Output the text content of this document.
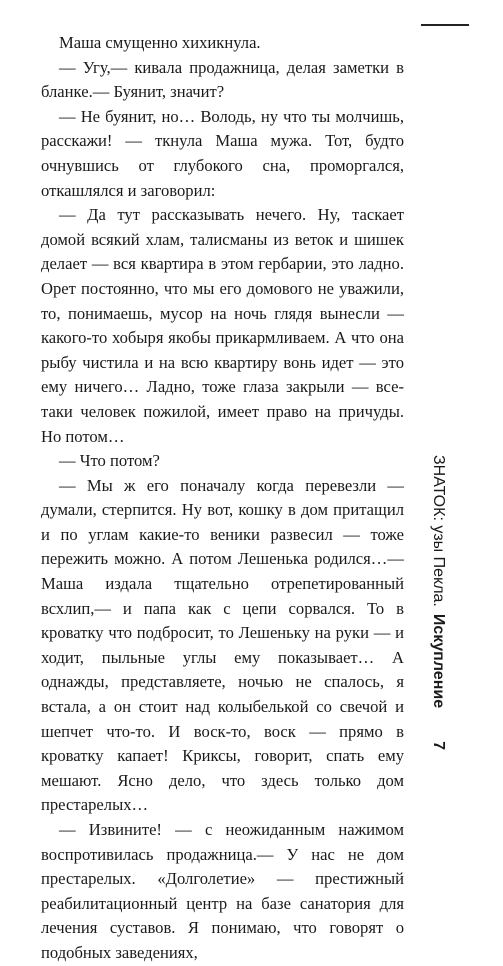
Маша смущенно хихикнула.

— Угу,— кивала продажница, делая заметки в бланке.— Буянит, значит?

— Не буянит, но… Володь, ну что ты молчишь, расскажи! — ткнула Маша мужа. Тот, будто очнувшись от глубокого сна, проморгался, откашлялся и заговорил:

— Да тут рассказывать нечего. Ну, таскает домой всякий хлам, талисманы из веток и шишек делает — вся квартира в этом гербарии, это ладно. Орет постоянно, что мы его домового не уважили, то, понимаешь, мусор на ночь глядя вынесли — какого-то хобыря якобы прикармливаем. А что она рыбу чистила и на всю квартиру вонь идет — это ему ничего… Ладно, тоже глаза закрыли — все-таки человек пожилой, имеет право на причуды. Но потом…

— Что потом?

— Мы ж его поначалу когда перевезли — думали, стерпится. Ну вот, кошку в дом притащил и по углам какие-то веники развесил — тоже пережить можно. А потом Лешенька родился…— Маша издала тщательно отрепетированный всхлип,— и папа как с цепи сорвался. То в кроватку что подбросит, то Лешеньку на руки — и ходит, пыльные углы ему показывает… А однажды, представляете, ночью не спалось, я встала, а он стоит над колыбелькой со свечой и шепчет что-то. И воск-то, воск — прямо в кроватку капает! Криксы, говорит, спать ему мешают. Ясно дело, что здесь только дом престарелых…

— Извините! — с неожиданным нажимом воспротивилась продажница.— У нас не дом престарелых. «Долголетие» — престижный реабилитационный центр на базе санатория для лечения суставов. Я понимаю, что говорят о подобных заведениях,

7
Искупление
ЗНАТОК: узы Пекла.
